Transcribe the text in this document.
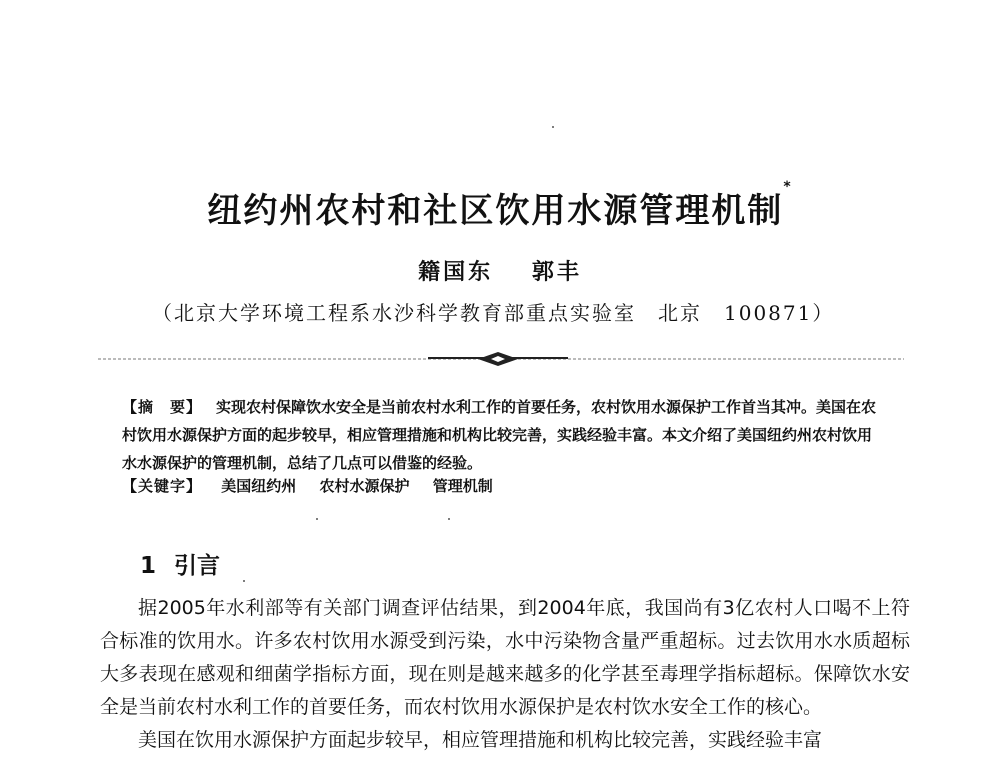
纽约州农村和社区饮用水源管理机制*
籍国东 郭丰
（北京大学环境工程系水沙科学教育部重点实验室　北京　100871）
【摘　要】 实现农村保障饮水安全是当前农村水利工作的首要任务，农村饮用水源保护工作首当其冲。美国在农村饮用水源保护方面的起步较早，相应管理措施和机构比较完善，实践经验丰富。本文介绍了美国纽约州农村饮用水水源保护的管理机制，总结了几点可以借鉴的经验。
【关键字】 美国纽约州 农村水源保护 管理机制
1 引言

据2005年水利部等有关部门调查评估结果，到2004年底，我国尚有3亿农村人口喝不上符合标准的饮用水。许多农村饮用水源受到污染，水中污染物含量严重超标。过去饮用水水质超标大多表现在感观和细菌学指标方面，现在则是越来越多的化学甚至毒理学指标超标。保障饮水安全是当前农村水利工作的首要任务，而农村饮用水源保护是农村饮水安全工作的核心。

美国在饮用水源保护方面起步较早，相应管理措施和机构比较完善，实践经验丰富
